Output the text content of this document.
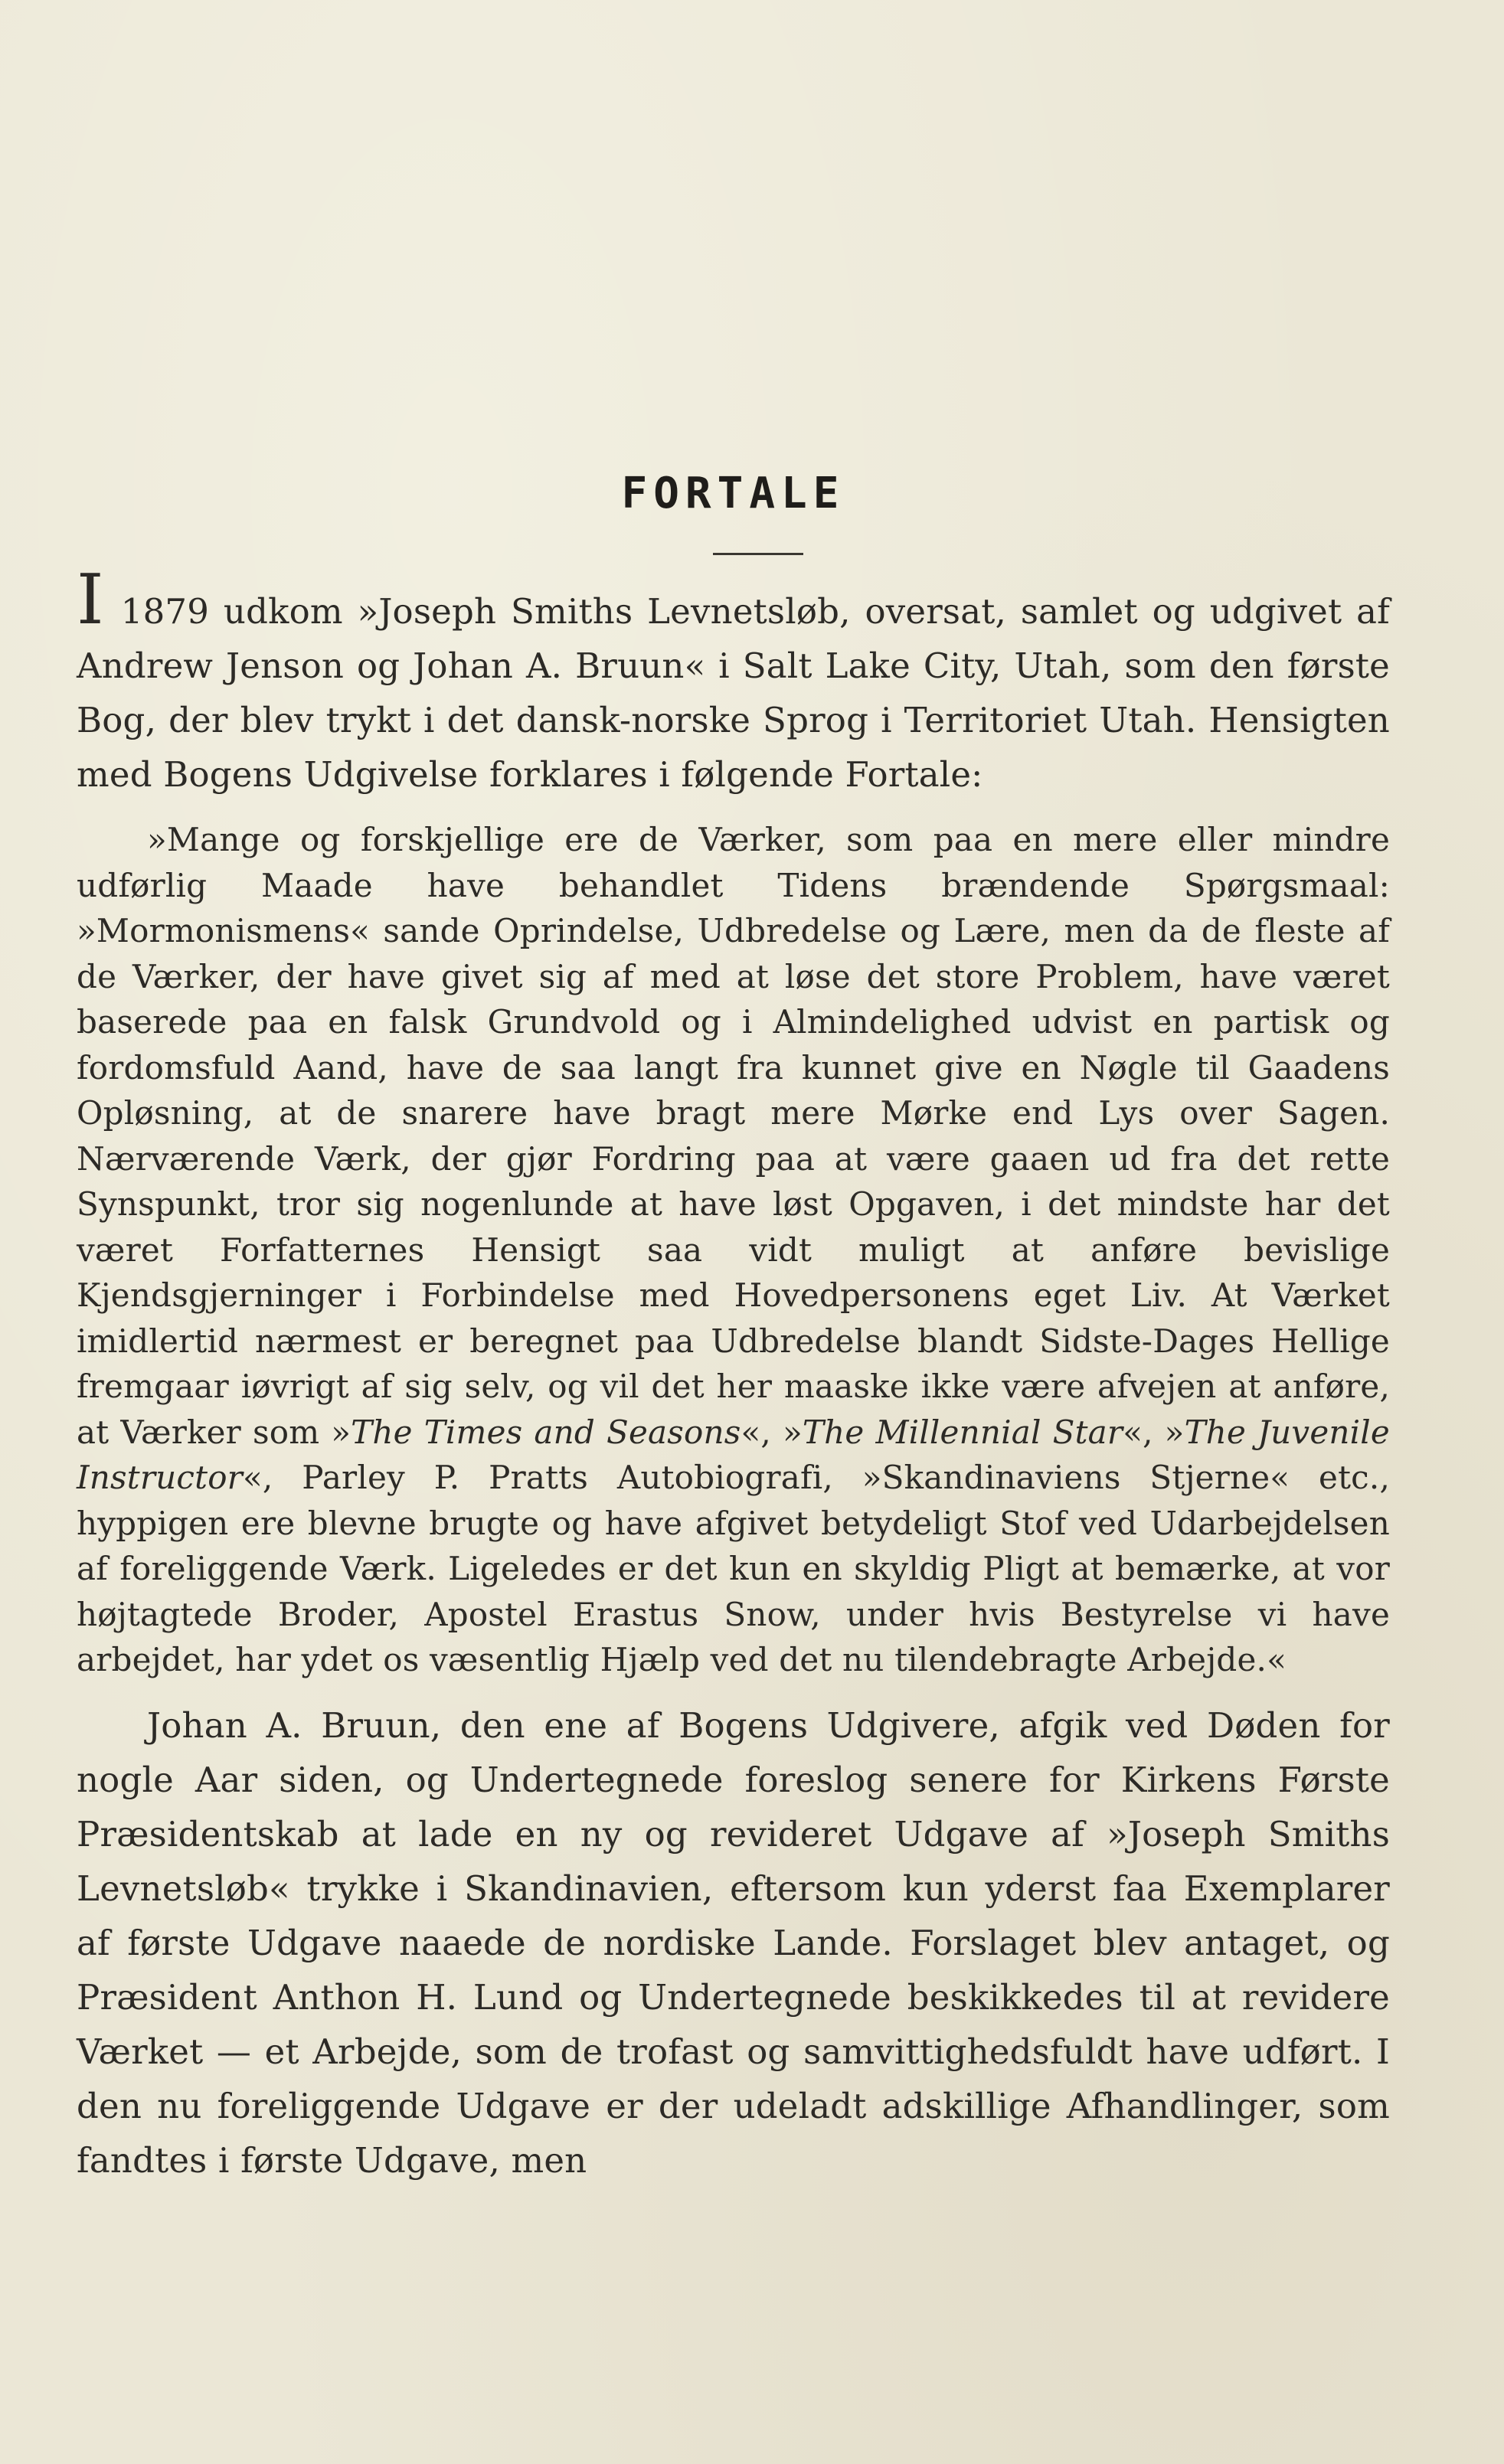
FORTALE

I 1879 udkom »Joseph Smiths Levnetsløb, oversat, samlet og udgivet af Andrew Jenson og Johan A. Bruun« i Salt Lake City, Utah, som den første Bog, der blev trykt i det dansk-norske Sprog i Territoriet Utah. Hensigten med Bogens Udgivelse forklares i følgende Fortale:

»Mange og forskjellige ere de Værker, som paa en mere eller mindre udførlig Maade have behandlet Tidens brændende Spørgsmaal: »Mormonismens« sande Oprindelse, Udbredelse og Lære, men da de fleste af de Værker, der have givet sig af med at løse det store Problem, have været baserede paa en falsk Grundvold og i Almindelighed udvist en partisk og fordomsfuld Aand, have de saa langt fra kunnet give en Nøgle til Gaadens Opløsning, at de snarere have bragt mere Mørke end Lys over Sagen. Nærværende Værk, der gjør Fordring paa at være gaaen ud fra det rette Synspunkt, tror sig nogenlunde at have løst Opgaven, i det mindste har det været Forfatternes Hensigt saa vidt muligt at anføre bevislige Kjendsgjerninger i Forbindelse med Hovedpersonens eget Liv. At Værket imidlertid nærmest er beregnet paa Udbredelse blandt Sidste-Dages Hellige fremgaar iøvrigt af sig selv, og vil det her maaske ikke være afvejen at anføre, at Værker som »The Times and Seasons«, »The Millennial Star«, »The Juvenile Instructor«, Parley P. Pratts Autobiografi, »Skandinaviens Stjerne« etc., hyppigen ere blevne brugte og have afgivet betydeligt Stof ved Udarbejdelsen af foreliggende Værk. Ligeledes er det kun en skyldig Pligt at bemærke, at vor højtagtede Broder, Apostel Erastus Snow, under hvis Bestyrelse vi have arbejdet, har ydet os væsentlig Hjælp ved det nu tilendebragte Arbejde.«

Johan A. Bruun, den ene af Bogens Udgivere, afgik ved Døden for nogle Aar siden, og Undertegnede foreslog senere for Kirkens Første Præsidentskab at lade en ny og revideret Udgave af »Joseph Smiths Levnetsløb« trykke i Skandinavien, eftersom kun yderst faa Exemplarer af første Udgave naaede de nordiske Lande. Forslaget blev antaget, og Præsident Anthon H. Lund og Undertegnede beskikkedes til at revidere Værket — et Arbejde, som de trofast og samvittighedsfuldt have udført. I den nu foreliggende Udgave er der udeladt adskillige Afhandlinger, som fandtes i første Udgave, men
